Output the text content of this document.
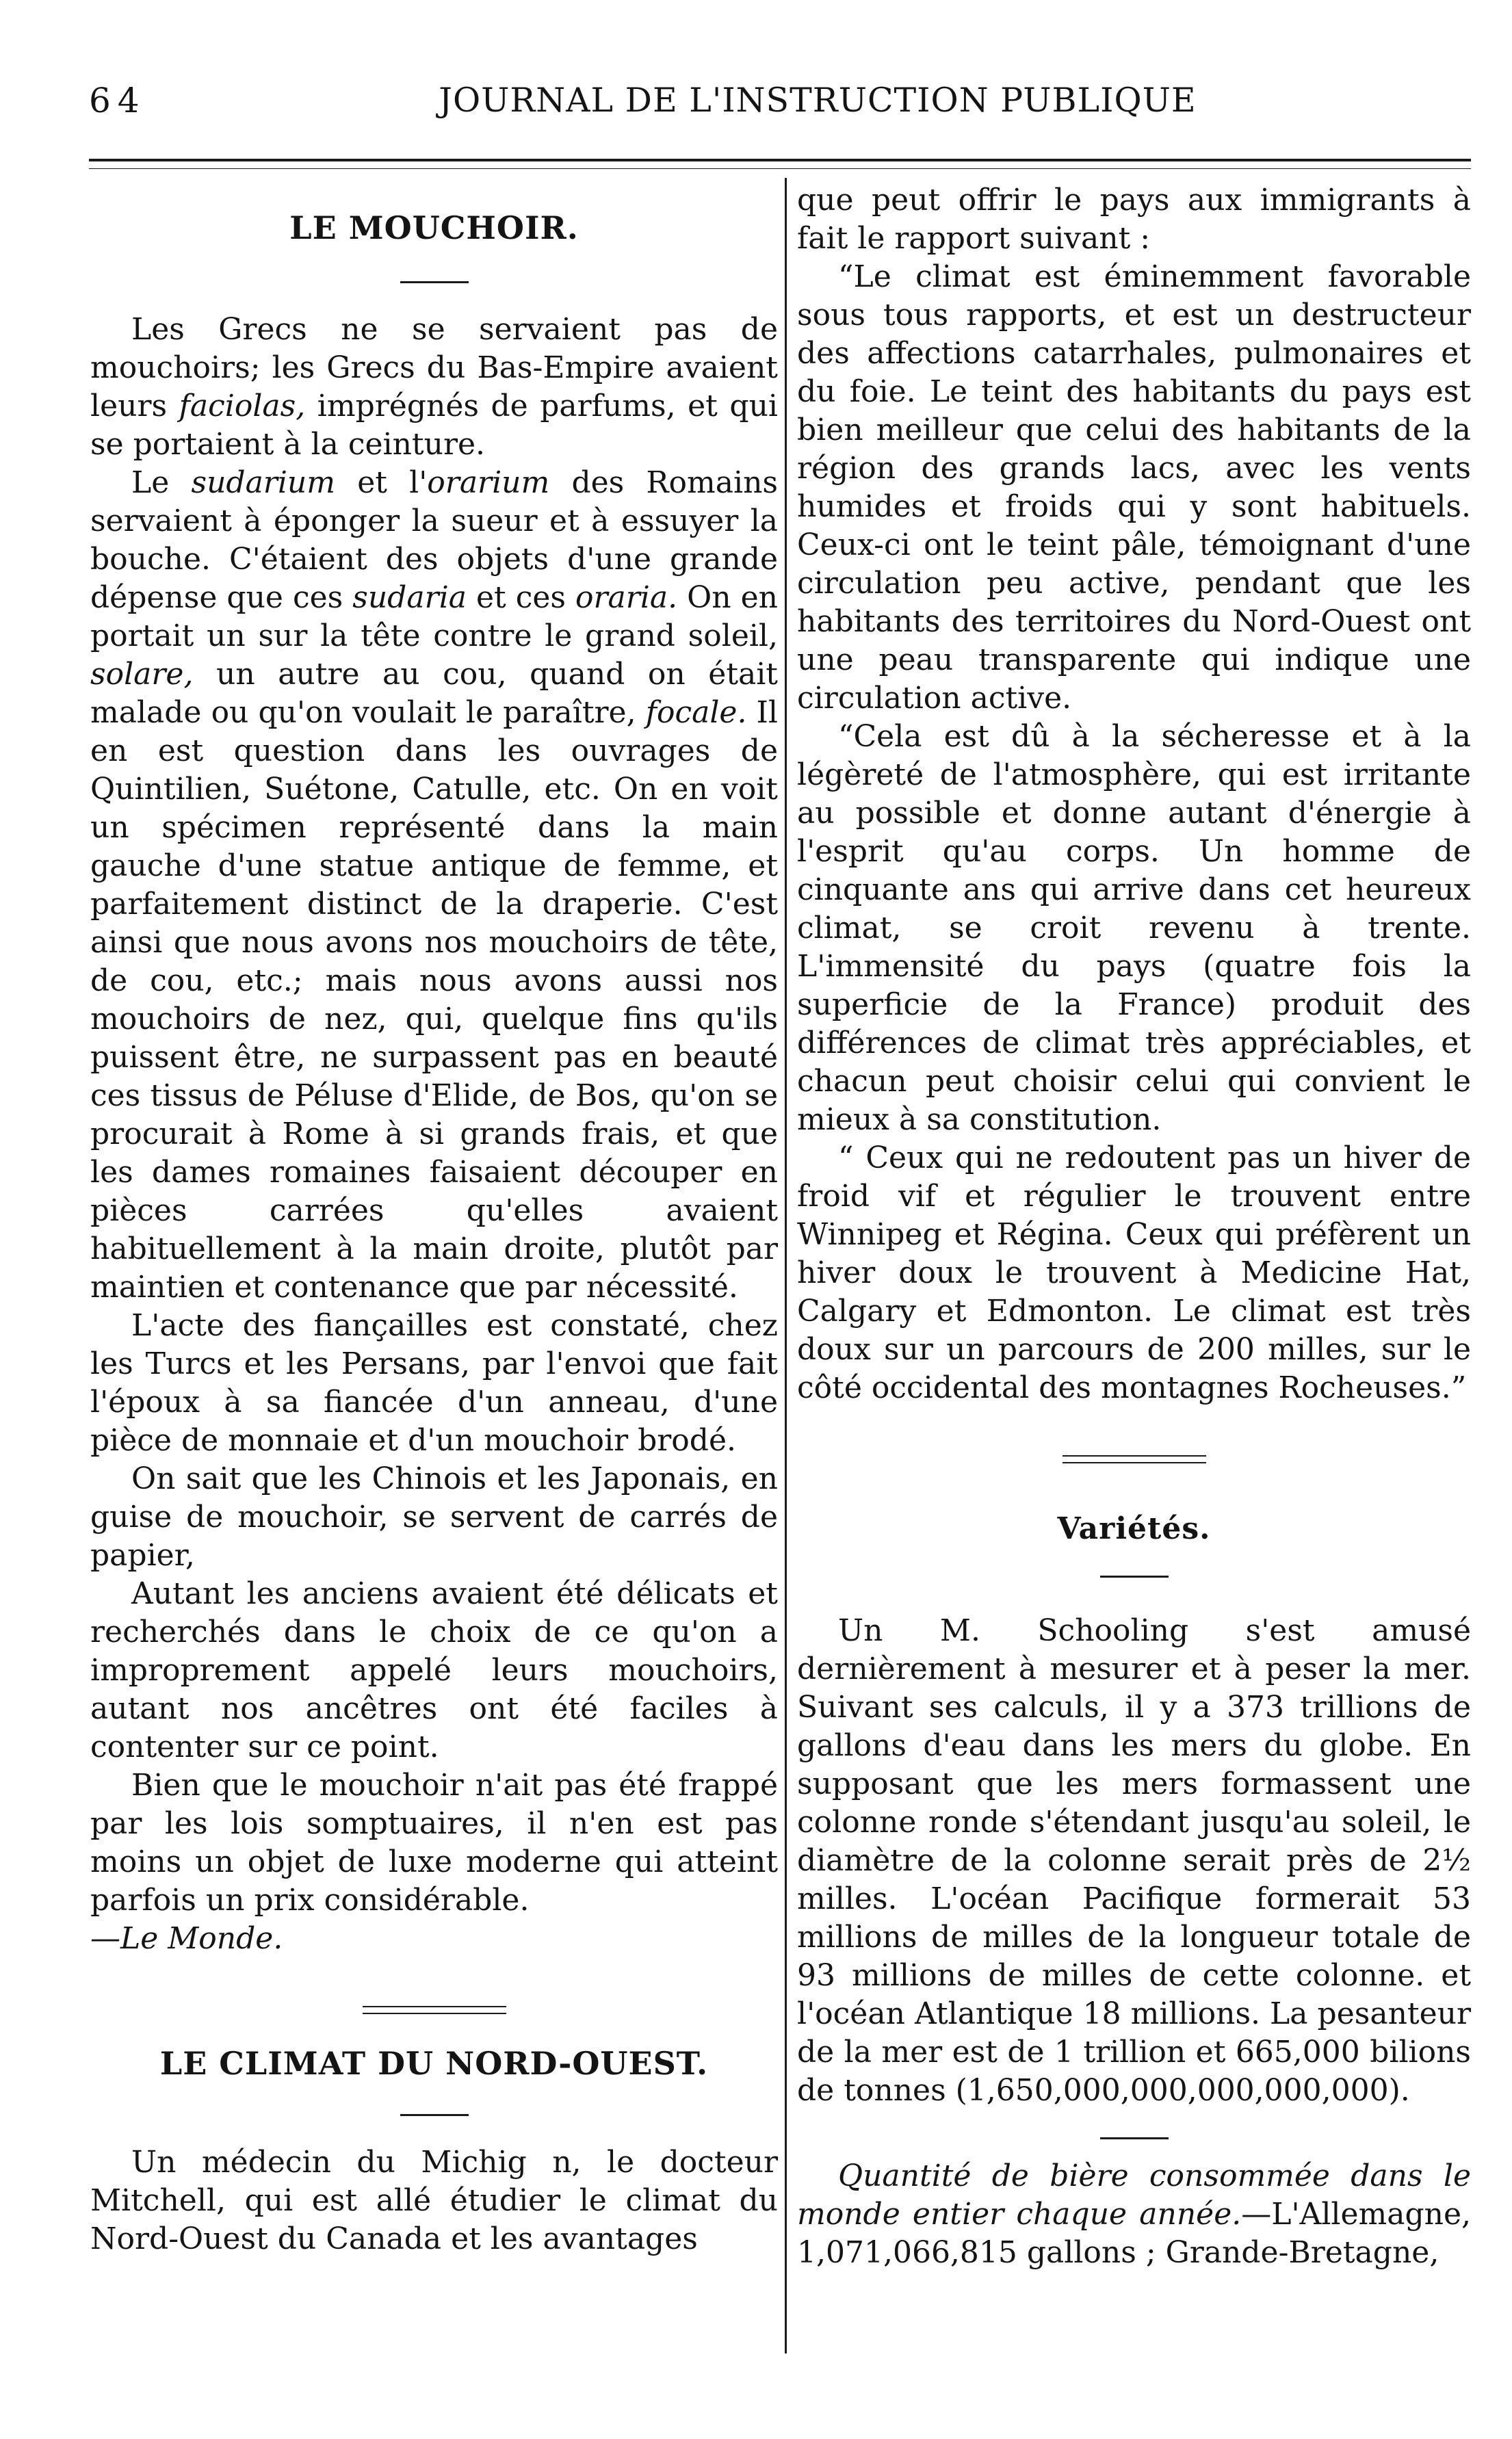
64	JOURNAL DE L'INSTRUCTION PUBLIQUE
LE MOUCHOIR.

Les Grecs ne se servaient pas de mouchoirs; les Grecs du Bas-Empire avaient leurs faciolas, imprégnés de parfums, et qui se portaient à la ceinture.

Le sudarium et l'orarium des Romains servaient à éponger la sueur et à essuyer la bouche. C'étaient des objets d'une grande dépense que ces sudaria et ces oraria. On en portait un sur la tête contre le grand soleil, solare, un autre au cou, quand on était malade ou qu'on voulait le paraître, focale. Il en est question dans les ouvrages de Quintilien, Suétone, Catulle, etc. On en voit un spécimen représenté dans la main gauche d'une statue antique de femme, et parfaitement distinct de la draperie. C'est ainsi que nous avons nos mouchoirs de tête, de cou, etc.; mais nous avons aussi nos mouchoirs de nez, qui, quelque fins qu'ils puissent être, ne surpassent pas en beauté ces tissus de Péluse d'Elide, de Bos, qu'on se procurait à Rome à si grands frais, et que les dames romaines faisaient découper en pièces carrées qu'elles avaient habituellement à la main droite, plutôt par maintien et contenance que par nécessité.

L'acte des fiançailles est constaté, chez les Turcs et les Persans, par l'envoi que fait l'époux à sa fiancée d'un anneau, d'une pièce de monnaie et d'un mouchoir brodé.

On sait que les Chinois et les Japonais, en guise de mouchoir, se servent de carrés de papier,

Autant les anciens avaient été délicats et recherchés dans le choix de ce qu'on a improprement appelé leurs mouchoirs, autant nos ancêtres ont été faciles à contenter sur ce point.

Bien que le mouchoir n'ait pas été frappé par les lois somptuaires, il n'en est pas moins un objet de luxe moderne qui atteint parfois un prix considérable.

—Le Monde.

LE CLIMAT DU NORD-OUEST.

Un médecin du Michig n, le docteur Mitchell, qui est allé étudier le climat du Nord-Ouest du Canada et les avantages

que peut offrir le pays aux immigrants à fait le rapport suivant :

“Le climat est éminemment favorable sous tous rapports, et est un destructeur des affections catarrhales, pulmonaires et du foie. Le teint des habitants du pays est bien meilleur que celui des habitants de la région des grands lacs, avec les vents humides et froids qui y sont habituels. Ceux-ci ont le teint pâle, témoignant d'une circulation peu active, pendant que les habitants des territoires du Nord-Ouest ont une peau transparente qui indique une circulation active.

“Cela est dû à la sécheresse et à la légèreté de l'atmosphère, qui est irritante au possible et donne autant d'énergie à l'esprit qu'au corps. Un homme de cinquante ans qui arrive dans cet heureux climat, se croit revenu à trente. L'immensité du pays (quatre fois la superficie de la France) produit des différences de climat très appréciables, et chacun peut choisir celui qui convient le mieux à sa constitution.

“ Ceux qui ne redoutent pas un hiver de froid vif et régulier le trouvent entre Winnipeg et Régina. Ceux qui préfèrent un hiver doux le trouvent à Medicine Hat, Calgary et Edmonton. Le climat est très doux sur un parcours de 200 milles, sur le côté occidental des montagnes Rocheuses.”

Variétés.

Un M. Schooling s'est amusé dernièrement à mesurer et à peser la mer. Suivant ses calculs, il y a 373 trillions de gallons d'eau dans les mers du globe. En supposant que les mers formassent une colonne ronde s'étendant jusqu'au soleil, le diamètre de la colonne serait près de 2½ milles. L'océan Pacifique formerait 53 millions de milles de la longueur totale de 93 millions de milles de cette colonne. et l'océan Atlantique 18 millions. La pesanteur de la mer est de 1 trillion et 665,000 bilions de tonnes (1,650,000,000,000,000,000).

Quantité de bière consommée dans le monde entier chaque année.—L'Allemagne, 1,071,066,815 gallons ; Grande-Bretagne,
